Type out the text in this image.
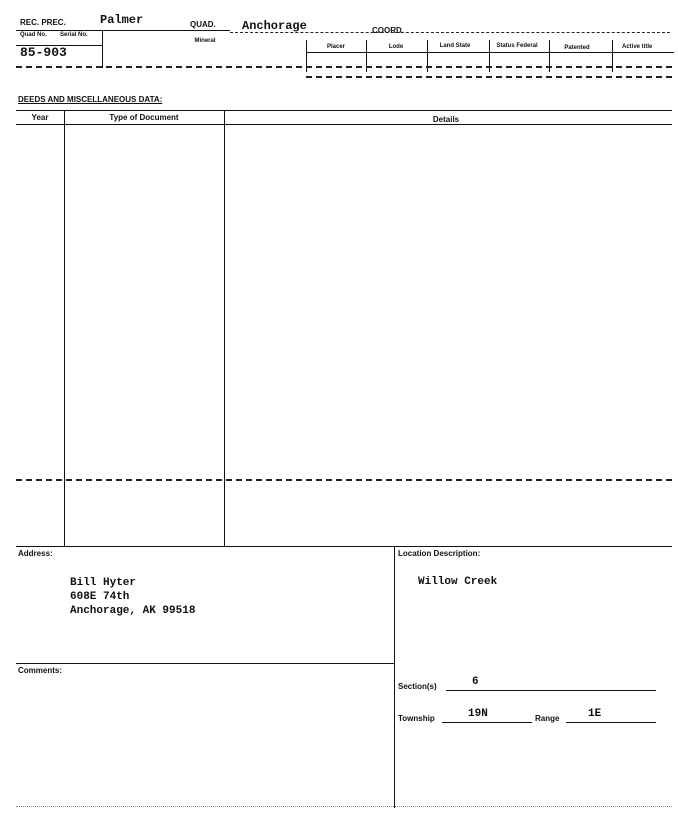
REC. PREC.	Palmer	QUAD. Anchorage	COORD.
Quad No. Serial No.
Mineral
Placer	Lode	Land State	Status Federal	Patented	Active title
85-903
DEEDS AND MISCELLANEOUS DATA:
Year	Type of Document	Details
Address:
Bill Hyter
608E 74th
Anchorage, AK 99518
Location Description:
Willow Creek
Comments:
Section(s)	6
Township	19N	Range	1E
